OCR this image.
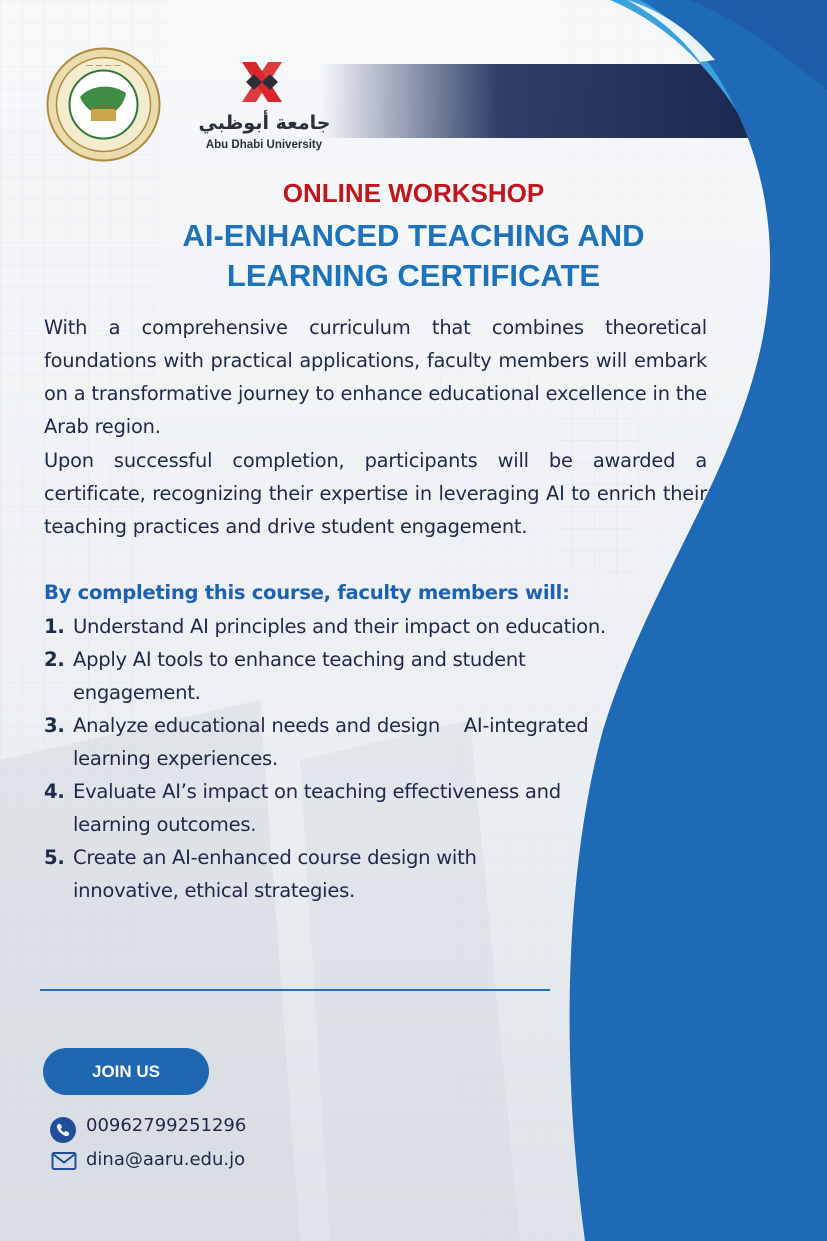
— — — —
جامعة أبوظبي
Abu Dhabi University
ONLINE WORKSHOP
AI-ENHANCED TEACHING AND
LEARNING CERTIFICATE
With a comprehensive curriculum that combines theoretical foundations with practical applications, faculty members will embark on a transformative journey to enhance educational excellence in the Arab region.
Upon successful completion, participants will be awarded a certificate, recognizing their expertise in leveraging AI to enrich their teaching practices and drive student engagement.
By completing this course, faculty members will:
1. Understand AI principles and their impact on education.
2. Apply AI tools to enhance teaching and student engagement.
3. Analyze educational needs and design    AI-integrated learning experiences.
4. Evaluate AI’s impact on teaching effectiveness and learning outcomes.
5. Create an AI-enhanced course design with innovative, ethical strategies.
JOIN US
00962799251296
dina@aaru.edu.jo
